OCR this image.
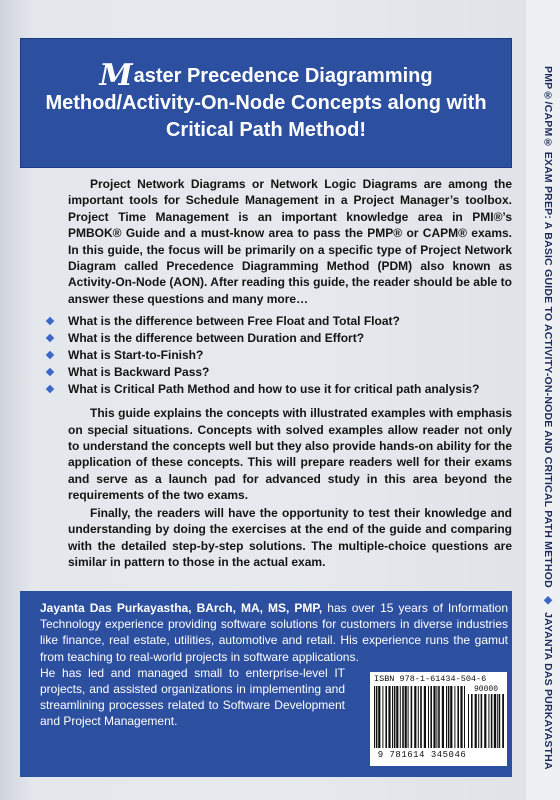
Master Precedence Diagramming
Method/Activity-On-Node Concepts along with
Critical Path Method!

Project Network Diagrams or Network Logic Diagrams are among the important tools for Schedule Management in a Project Manager’s toolbox. Project Time Management is an important knowledge area in PMI®’s PMBOK® Guide and a must-know area to pass the PMP® or CAPM® exams. In this guide, the focus will be primarily on a specific type of Project Network Diagram called Precedence Diagramming Method (PDM) also known as Activity-On-Node (AON). After reading this guide, the reader should be able to answer these questions and many more…

What is the difference between Free Float and Total Float?
What is the difference between Duration and Effort?
What is Start-to-Finish?
What is Backward Pass?
What is Critical Path Method and how to use it for critical path analysis?

This guide explains the concepts with illustrated examples with emphasis on special situations. Concepts with solved examples allow reader not only to understand the concepts well but they also provide hands-on ability for the application of these concepts. This will prepare readers well for their exams and serve as a launch pad for advanced study in this area beyond the requirements of the two exams.

Finally, the readers will have the opportunity to test their knowledge and understanding by doing the exercises at the end of the guide and comparing with the detailed step-by-step solutions. The multiple-choice questions are similar in pattern to those in the actual exam.

Jayanta Das Purkayastha, BArch, MA, MS, PMP, has over 15 years of Information Technology experience providing software solutions for customers in diverse industries like finance, real estate, utilities, automotive and retail. His experience runs the gamut from teaching to real-world projects in software applications.
He has led and managed small to enterprise-level IT projects, and assisted organizations in implementing and streamlining processes related to Software Development and Project Management.
ISBN 978-1-61434-504-6
90000
9 781614 345046
PMP®/CAPM® EXAM PREP: A BASIC GUIDE TO ACTIVITY-ON-NODE AND CRITICAL PATH METHOD◆JAYANTA DAS PURKAYASTHA
